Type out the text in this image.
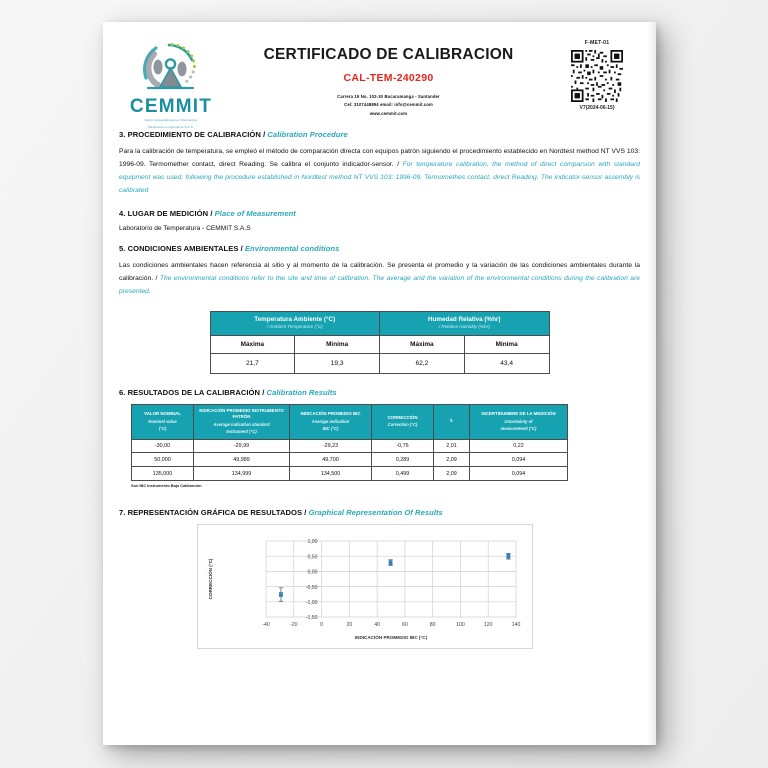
CEMMIT
Centro Especializado en Metrología,
Mediciones e Ingeniería S.A.S.
CERTIFICADO DE CALIBRACION
CAL-TEM-240290
Carrera 19 No. 102-30 Bucaramanga - Santander
Cel: 3107448894 email: info@cemmit.com
www.cemmit.com
F-MET-01
V7(2024-06-15)
3. PROCEDIMIENTO DE CALIBRACIÓN / Calibration Procedure

Para la calibración de temperatura, se empleó el método de comparación directa con equipos patrón siguiendo el procedimiento establecido en Nordtest method NT VVS 103: 1996-09. Termomether contact, direct Reading. Se calibra el conjunto indicador-sensor. / For temperature calibration, the method of direct comparsion with standard equipment was used, following the procedure established in Nordtest method NT VVS 103: 1996-09. Termomethes contact, direct Reading. The indicator-sensor assembly is calibrated

4. LUGAR DE MEDICIÓN / Place of Measurement

Laboratorio de Temperatura - CEMMIT S.A.S

5. CONDICIONES AMBIENTALES / Environmental conditions

Las condiciones ambientales hacen referencia al sitio y al momento de la calibración. Se presenta el promedio y la variación de las condiciones ambientales durante la calibración. / The environmental conditions refer to the site and time of calibration. The average and the variation of the environmental conditions during the calibration are presented.

Temperatura Ambiente (°C)
/ Ambient Temperature (°C)		Humedad Relativa (%hr)
/ Relative Humidity (%hr)	

Máxima	Mínima	Máxima	Mínima
21,7	19,3	62,2	43,4
6. RESULTADOS DE LA CALIBRACIÓN / Calibration Results
VALOR NOMINAL
Nominal value
(°C)	INDICACIÓN PROMEDIO INSTRUMENTO PATRÓN
Average indication standard
Instrument (°C)	INDICACIÓN PROMEDIO IBC
Average indication
IBC (°C)	CORRECCIÓN
Correction (°C)	k	INCERTIDUMBRE DE LA MEDICIÓN
Uncertainty of
measurement (°C)

-30,00	-29,99	-29,23	-0,76	2,01	0,22
50,000	49,989	49,700	0,289	2,09	0,094
135,000	134,999	134,500	0,499	2,09	0,094
Son IBC Instrumento Bajo Calibración
7. REPRESENTACIÓN GRÁFICA DE RESULTADOS / Graphical Representation Of Results
-1,50
-1,00
-0,50
0,00
0,50
1,00
-40	-20	0	20	40	60	80	100	120	140
INDICACIÓN PROMEDIO IBC (°C)
CORRECCIÓN (°C)
